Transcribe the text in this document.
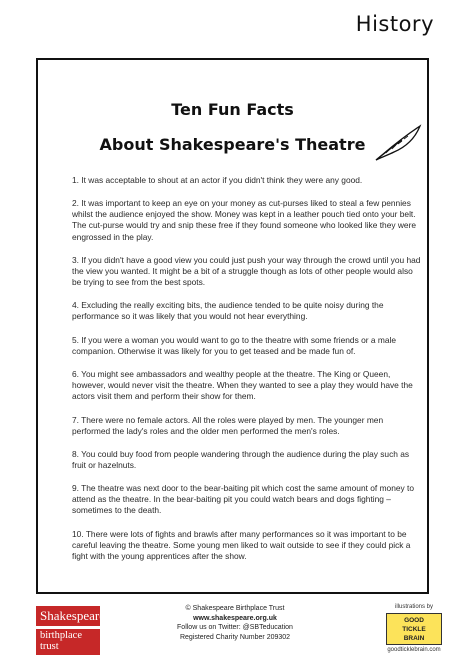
History
Ten Fun Facts
About Shakespeare's Theatre

1. It was acceptable to shout at an actor if you didn't think they were any good.

2. It was important to keep an eye on your money as cut-purses liked to steal a few pennies whilst the audience enjoyed the show. Money was kept in a leather pouch tied onto your belt. The cut-purse would try and snip these free if they found someone who looked like they were engrossed in the play.

3. If you didn't have a good view you could just push your way through the crowd until you had the view you wanted. It might be a bit of a struggle though as lots of other people would also be trying to see from the best spots.

4. Excluding the really exciting bits, the audience tended to be quite noisy during the performance so it was likely that you would not hear everything.

5. If you were a woman you would want to go to the theatre with some friends or a male companion. Otherwise it was likely for you to get teased and be made fun of.

6. You might see ambassadors and wealthy people at the theatre. The King or Queen, however, would never visit the theatre. When they wanted to see a play they would have the actors visit them and perform their show for them.

7. There were no female actors. All the roles were played by men. The younger men performed the lady's roles and the older men performed the men's roles.

8. You could buy food from people wandering through the audience during the play such as fruit or hazelnuts.

9. The theatre was next door to the bear-baiting pit which cost the same amount of money to attend as the theatre. In the bear-baiting pit you could watch bears and dogs fighting – sometimes to the death.

10. There were lots of fights and brawls after many performances so it was important to be careful leaving the theatre. Some young men liked to wait outside to see if they could pick a fight with the young apprentices after the show.

Shakespeare
birthplace trust
© Shakespeare Birthplace Trust
www.shakespeare.org.uk
Follow us on Twitter: @SBTeducation
Registered Charity Number 209302
illustrations by
GOOD
TICKLE
BRAIN
goodticklebrain.com
